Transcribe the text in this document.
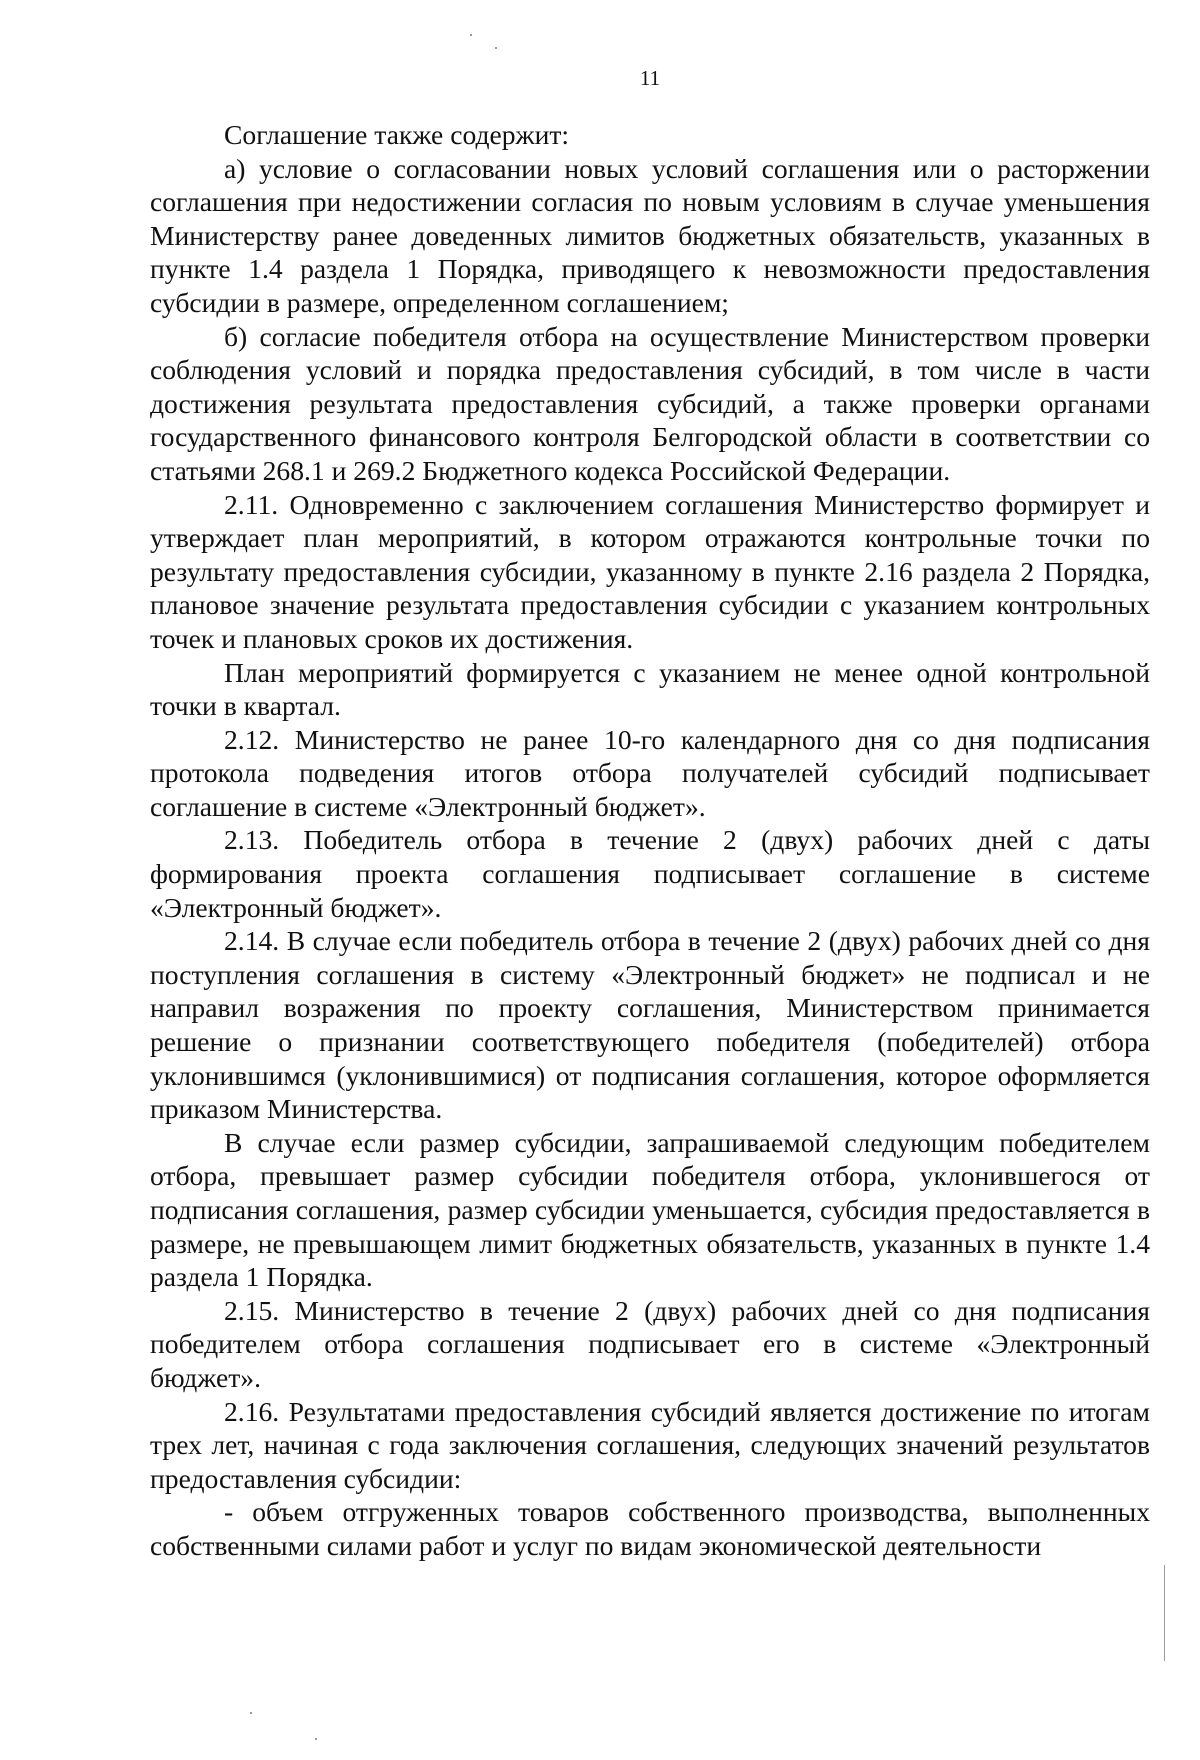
11

Соглашение также содержит:

а) условие о согласовании новых условий соглашения или о расторжении соглашения при недостижении согласия по новым условиям в случае уменьшения Министерству ранее доведенных лимитов бюджетных обязательств, указанных в пункте 1.4 раздела 1 Порядка, приводящего к невозможности предоставления субсидии в размере, определенном соглашением;

б) согласие победителя отбора на осуществление Министерством проверки соблюдения условий и порядка предоставления субсидий, в том числе в части достижения результата предоставления субсидий, а также проверки органами государственного финансового контроля Белгородской области в соответствии со статьями 268.1 и 269.2 Бюджетного кодекса Российской Федерации.

2.11. Одновременно с заключением соглашения Министерство формирует и утверждает план мероприятий, в котором отражаются контрольные точки по результату предоставления субсидии, указанному в пункте 2.16 раздела 2 Порядка, плановое значение результата предоставления субсидии с указанием контрольных точек и плановых сроков их достижения.

План мероприятий формируется с указанием не менее одной контрольной точки в квартал.

2.12. Министерство не ранее 10-го календарного дня со дня подписания протокола подведения итогов отбора получателей субсидий подписывает соглашение в системе «Электронный бюджет».

2.13. Победитель отбора в течение 2 (двух) рабочих дней с даты формирования проекта соглашения подписывает соглашение в системе «Электронный бюджет».

2.14. В случае если победитель отбора в течение 2 (двух) рабочих дней со дня поступления соглашения в систему «Электронный бюджет» не подписал и не направил возражения по проекту соглашения, Министерством принимается решение о признании соответствующего победителя (победителей) отбора уклонившимся (уклонившимися) от подписания соглашения, которое оформляется приказом Министерства.

В случае если размер субсидии, запрашиваемой следующим победителем отбора, превышает размер субсидии победителя отбора, уклонившегося от подписания соглашения, размер субсидии уменьшается, субсидия предоставляется в размере, не превышающем лимит бюджетных обязательств, указанных в пункте 1.4 раздела 1 Порядка.

2.15. Министерство в течение 2 (двух) рабочих дней со дня подписания победителем отбора соглашения подписывает его в системе «Электронный бюджет».

2.16. Результатами предоставления субсидий является достижение по итогам трех лет, начиная с года заключения соглашения, следующих значений результатов предоставления субсидии:

- объем отгруженных товаров собственного производства, выполненных собственными силами работ и услуг по видам экономической деятельности
